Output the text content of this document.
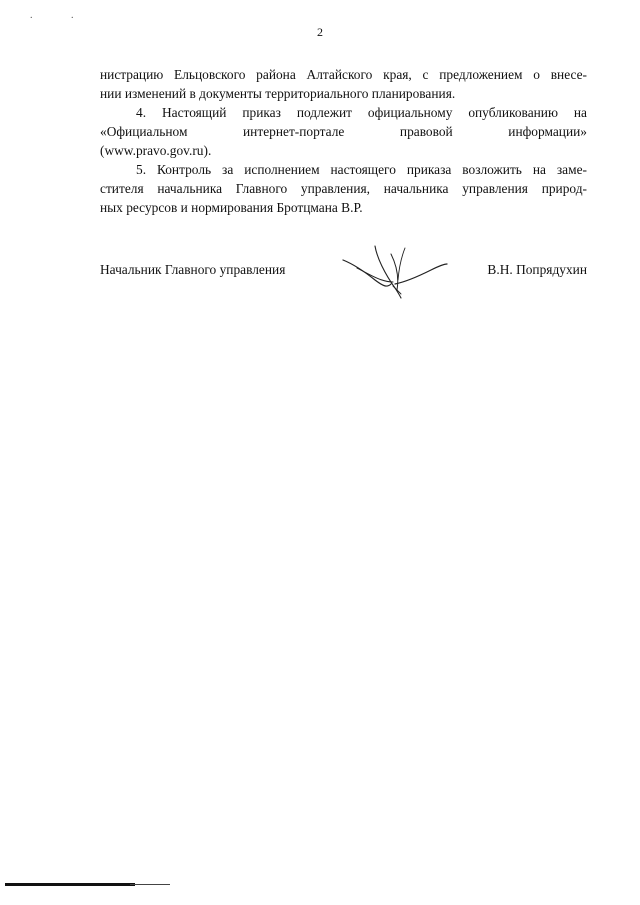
2
. .
нистрацию Ельцовского района Алтайского края, с предложением о внесе-
нии изменений в документы территориального планирования.
4. Настоящий приказ подлежит официальному опубликованию на
«Официальном интернет-портале правовой информации»
(www.pravo.gov.ru).
5. Контроль за исполнением настоящего приказа возложить на заме-
стителя начальника Главного управления, начальника управления природ-
ных ресурсов и нормирования Бротцмана В.Р.
Начальник Главного управления	В.Н. Попрядухин
